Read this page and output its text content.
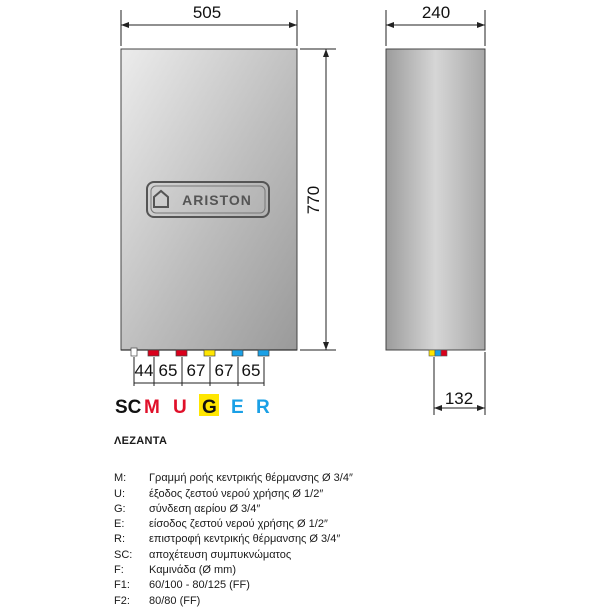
505
ARISTON	770
44 65 67 67 65
SC M U G E R
240
132
ΛΕΖΑΝΤΑ
M:	Γραμμή ροής κεντρικής θέρμανσης Ø 3/4″
U:	έξοδος ζεστού νερού χρήσης Ø 1/2″
G:	σύνδεση αερίου Ø 3/4″
E:	είσοδος ζεστού νερού χρήσης Ø 1/2″
R:	επιστροφή κεντρικής θέρμανσης Ø 3/4″
SC:	αποχέτευση συμπυκνώματος
F:	Καμινάδα (Ø mm)
F1:	60/100 - 80/125 (FF)
F2:	80/80 (FF)
